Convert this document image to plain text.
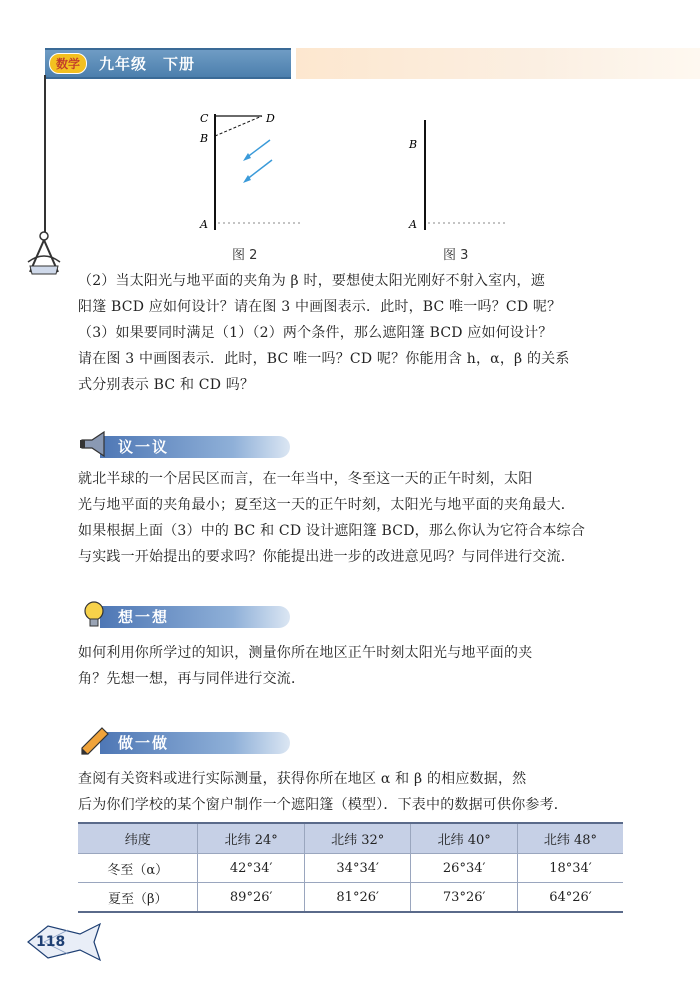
数学	九年级 下册
C	D
B
A
图 2
B
A
图 3
（2）当太阳光与地平面的夹角为 β 时，要想使太阳光刚好不射入室内，遮
阳篷 BCD 应如何设计？请在图 3 中画图表示．此时，BC 唯一吗？CD 呢？
（3）如果要同时满足（1）（2）两个条件，那么遮阳篷 BCD 应如何设计？
请在图 3 中画图表示．此时，BC 唯一吗？CD 呢？你能用含 h，α，β 的关系
式分别表示 BC 和 CD 吗？
议一议
就北半球的一个居民区而言，在一年当中，冬至这一天的正午时刻，太阳
光与地平面的夹角最小；夏至这一天的正午时刻，太阳光与地平面的夹角最大．
如果根据上面（3）中的 BC 和 CD 设计遮阳篷 BCD，那么你认为它符合本综合
与实践一开始提出的要求吗？你能提出进一步的改进意见吗？与同伴进行交流．
想一想
如何利用你所学过的知识，测量你所在地区正午时刻太阳光与地平面的夹
角？先想一想，再与同伴进行交流．
做一做
查阅有关资料或进行实际测量，获得你所在地区 α 和 β 的相应数据，然
后为你们学校的某个窗户制作一个遮阳篷（模型）．下表中的数据可供你参考．
纬度	北纬 24°	北纬 32°	北纬 40°	北纬 48°
冬至（α）	42°34′	34°34′	26°34′	18°34′
夏至（β）	89°26′	81°26′	73°26′	64°26′
118
